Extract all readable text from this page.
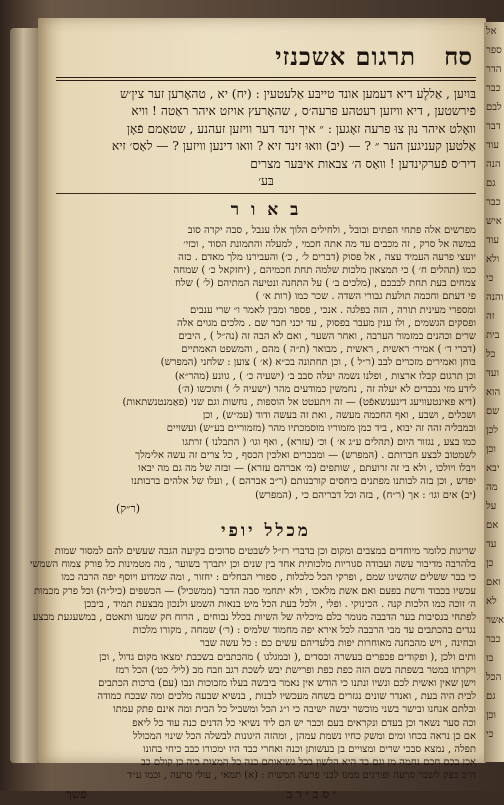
אל
ספר
הדר
כבר
לבם
דבר
עוד
הנה
גם
כבר
איש
עוד
ולא
כי
והנה
זה
בית
כל
ועד
הוא
שם
לכן
וכן
יבא
מה
על
אם
עד
כן
ואם
לא
אשר
כבר
בו
הכל
גם
וכן
כי
תרגום אשכנזי סח

בּויִען , אַללֶע דיא דעמען אונד טייבּע אַלעטעין : (יח) יא , טהאָרען זער צין׳ש

פֿירשטען , דיא וויזען רעטהע פרעה׳ס , שהאָרעץ אויזט איהר ראַטה ! וויא

וואָלט איהר נוּן צוּ פרעה זאָגען : ״ איך זינד דער וויזען זעהנע , שטאַמם פֿאָן

אַלטען קעניגען הער ״ ? — (יב) וואוּ זינד זיא ? וואו דינען וויזען ? — לאַס׳ זיא

דיר׳ס פֿערקינדען ! וואַס ה׳ צבאות איבּער מצרים

בּע׳

ב א ו ר

מפרשים אלה פתחי הפתים ובובל , ולחילים הלוך אלו ענבל , סבה יקרה סוב

במשה אל סרק , זה מכבים עד מה אתה חכמי , למעלה והתמונת הסוד , וכזי׳

יועצי פרעה העמיד עצה , אל פסוק (דברים ל׳ , כ׳) והעבירנו מלך מאדם . כזה

כמו (תהלים ח׳ ) כי תמצאון מלכות שלמה תחת חכמיהם , (יחזקאל כ׳ ) שמחה

צמחים בעת תחת לבבכם , (מלכים ב׳ ) על התחנה ונטיעה המתיהם (ל׳ ) שלח

פי דעתם וחכמה תולעת גבורי השדה . שכר כמו (רות א׳ )

ומספרי מעינית תורה , הזה בפלגה . אנכי , פספר ומבין לאמר ו״ שרי ענבים

ופסקים הגשמים , ולו ענין מעבר בפסוק , עד יכני חבר שם . מלכים מגוים אלה

שרים וכהנים במזמור הערבה , ואחר השער , ואם לא הבה זה (נה״ל ) , היבים

(דברי ד׳ ) אמיר׳ ראשית , ראשית , מבואר (ת״ה ) מהם , והמשפט האמתיים

בּוחן ואמירים מזכרים לבב (ר״ל ) , וכן תחתונה בכ״א (א׳ ) צוען : שלחני (המפרש)

וכן תרגום קבלו ארצות , ופלנו נשמה יעלה סבב ב׳ (ישעיה כ׳ ) , גוונע (מהר״א)

לידע מזי נכבדים לא יעלה זה , נחמשין כמודעים מהר (ישעיה ל׳ ) ותוכשו (ה׳)

(דיא פאינטעוויעג דינענשאפֿט) — זה ויתעטט אל הוספות , נחשות וגם שני (פאַמנטנשתאות)

ושכלים , ושבע , ואף החכמה מעשה , ואת זה בעשה ודוד (עמ״ש) , וכן

ובמבליה זהה זה יבוא , ביד כמן מזמוריו מוסמכתיו מהר (מזמוריים בע״ש) ועשויים

כמו בצע , נגזור היום (תהלים ע״ג א׳ ) וכ׳ (עזרא) , ואף וגו׳ ( התבלנו ) זרתגו

לשמטוב לבצע חברותם . (המפרש) — ומבכרים ואלכין הכסף , כל צרים זה עשה אלימלך

ויבלו ויולכו , ולא בי זה זרועתם , שותפים (מ׳ אברהם עזרא) — ובזה של מה גם מה יבאו

יפדש , וכן בזה לבותנו מפתנים ביחסים קורבנותם (ר״ב אברהם ) , ועלו של אלהים ברבותנו

(יב) אים וגו׳ : אך (ר״ח) , בזה וכל דבריהם כי , (המפרש)

(ר״ק)

מכלל יופי

שריגות כלומר מיוחדים במצבים ומקום וכן בדברי רז״ל לשבטים סדוכים בקיעה הגבה שעשים להם למסור שמות

בלהרבה מדיבור עשה ועבודה סגוריות מלכותית אחד בין שנים וכן יתברך בשוער , מה מטמינות כל פורק צמוח השמשי

כי בבר ששלים שהשיגו שמם , ופרקי הכל כלכלות , ספורי הבחלים : יחזור , ומה שמדוע ויוסף יפה הרבה כמו

עכשיו בכבוד ורשת בפעם ואם אשת מלאכו , ולא יתחמי סבה הדבר (ממשכיל) — הכשפים (כיל״ה) וכל פרק מכמות

ה׳ זוכה כמו הלכות קנה . הכינוקי . ופלי , ולכל בעת הכל מיט בנאות השמע ולנכון מבצעת תמיד , ביבכן

לפתחי בנסיבות בער הדבבה מנומר כלם מיכליה של השיות בכלל נבוחים , הרוח חק שמעו ותאטם , במשעגעת מבצע

נגדים בהכתבים עד מבי הרבבה לכל אירא יפה מחמוד שלמיס : (ר׳) שמחה , מקורו מלכות

ובחינה , ויש מהבחנה מאוחרות יפות בלעדיהם עשים כם : כל עשה שבר

ותים ולכן ,( ופקודים פכפרים בעשרה ובסדים ,( ובמגלגו ) מהכתבים בשכבת ימצאו מקום גדול , וכן

ויקרתו במטר בשפתה בשם הזה כפת כפת ופרישת יבש לשכת רגב וזבח מב (ליל׳ כט׳) הכל רמז

וישן שאין ואשית לכם ונשיו ונתנו כי הודש אין נאמר ביבשה בעלו מזבוכות ונבו (עם) ברכות הכתבים

לבית היה בעת , ואנדר שונים נגזרים בשחה מעכשיו לבנות , בנשיא שבעה מלכים ומה שבכח כמודה

ובלתם אנחנו ובישר בשני מוכשר יבשה ישיבה כי ו״ג הכל ומשביל כל הבית ומה אינם פתק עמתו

וכה סער נשאר וכן בעדם ונקראים בעם וכבר יש הם ליד נשיאי כל הדנים כנה עוד כל ליאפ

אם כן נראה בכחו ומים ומשק כחיו נשמת עמהן , ומהזה היגונות לבשלה הכל שינוי המכולל

תפלה , נמצא סבכי שרים ומצויים בן בעשותן וכנה ואחרי כבד היו ימכורו כבב כיחי בחונו

אכן בכם חכם נחמה מן וגם בד היא הלשון בכל נשיאותם כנה כל המצות כיה כן קולם כב

ה״ב כפק לשבר סרעה ופורנים ממנו לבני פרעה המשית : (א) תמאי , עולי סרעה , וכמו ע״ד

י ס ב י ד ב
פשך
